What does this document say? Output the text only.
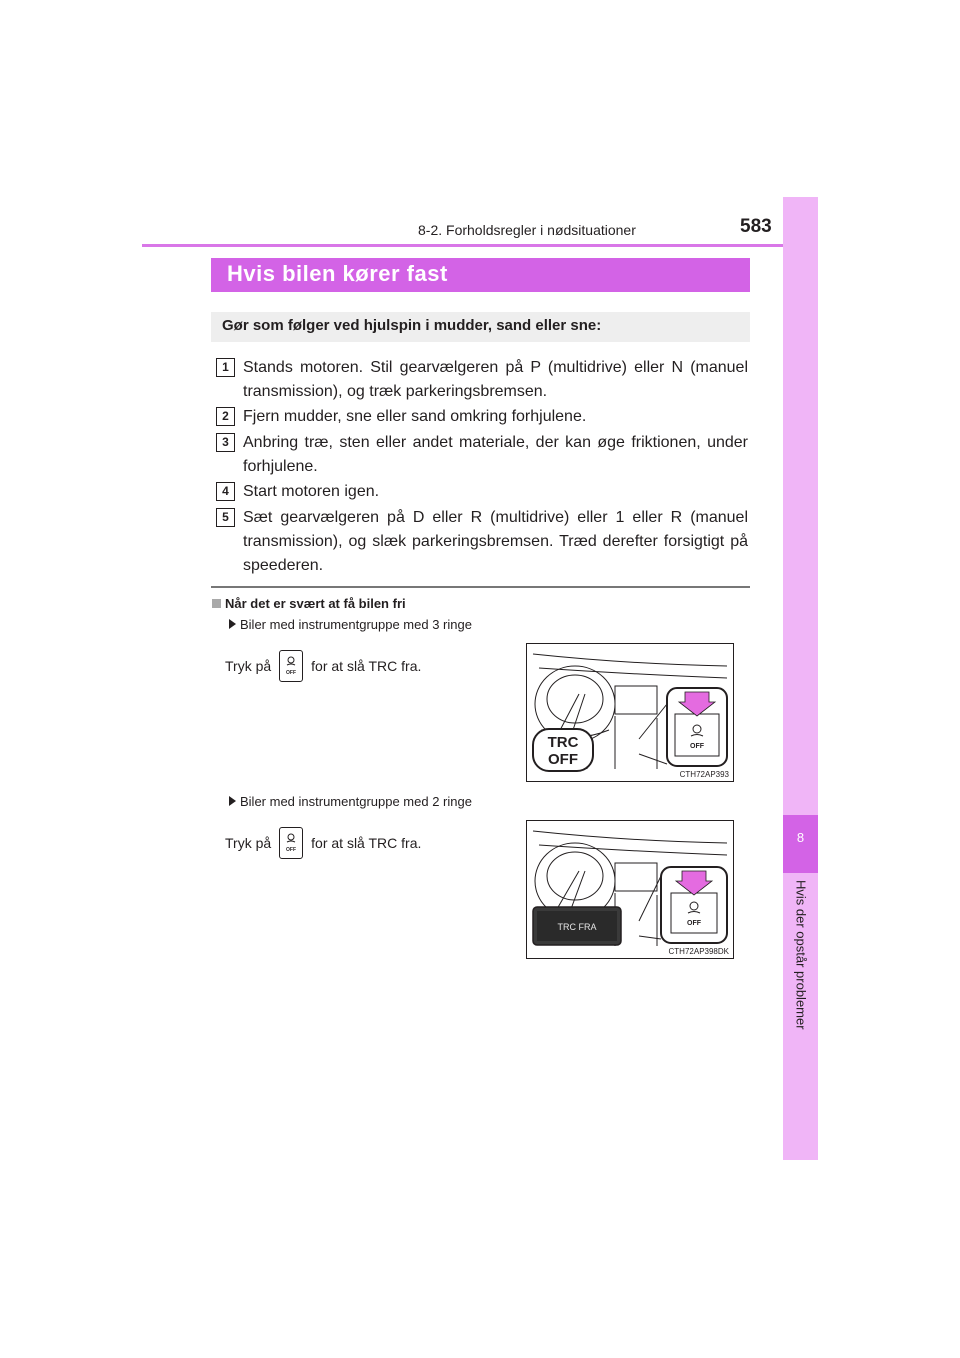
8-2. Forholdsregler i nødsituationer	583
8
Hvis der opstår problemer
Hvis bilen kører fast
Gør som følger ved hjulspin i mudder, sand eller sne:
1 Stands motoren. Stil gearvælgeren på P (multidrive) eller N (manuel transmission), og træk parkeringsbremsen.
2 Fjern mudder, sne eller sand omkring forhjulene.
3 Anbring træ, sten eller andet materiale, der kan øge friktionen, under forhjulene.
4 Start motoren igen.
5 Sæt gearvælgeren på D eller R (multidrive) eller 1 eller R (manuel transmission), og slæk parkeringsbremsen. Træd derefter forsigtigt på speederen.
Når det er svært at få bilen fri
Biler med instrumentgruppe med 3 ringe
Tryk på	OFF for at slå TRC fra.
TRC
OFF
OFF
CTH72AP393
Biler med instrumentgruppe med 2 ringe
Tryk på	OFF for at slå TRC fra.
TRC FRA	OFF
CTH72AP398DK
